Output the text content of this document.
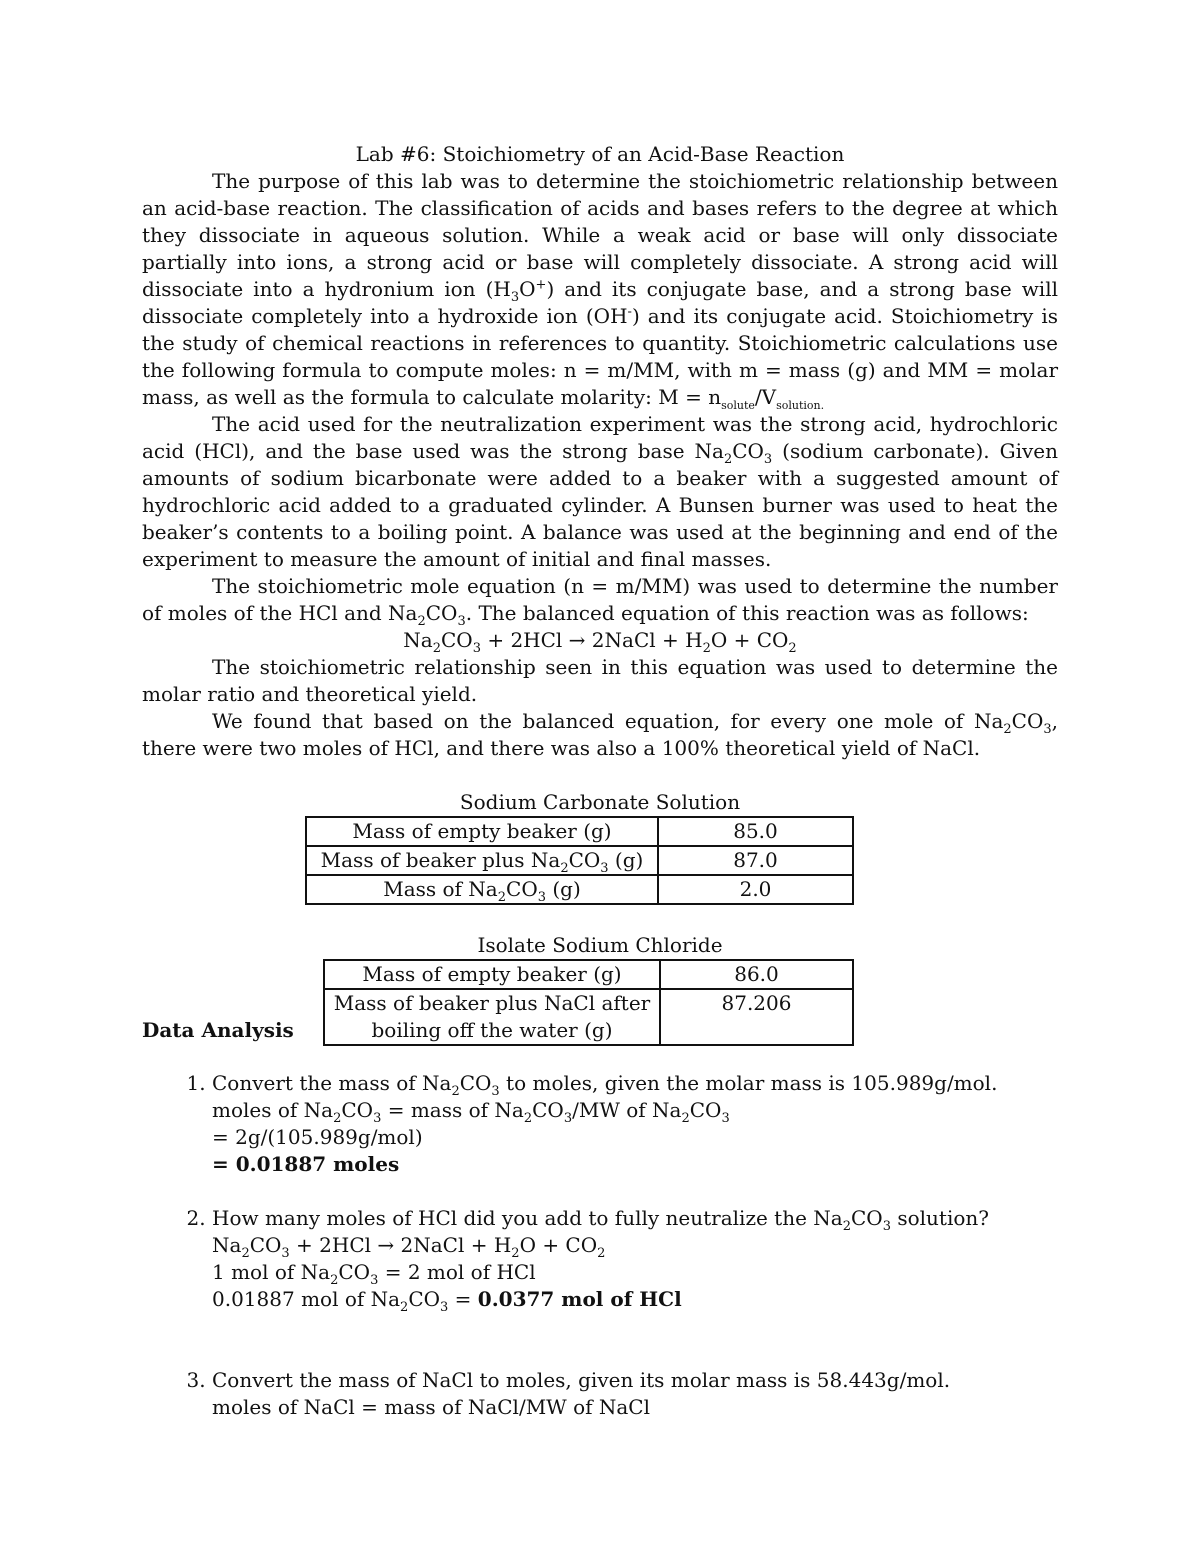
Lab #6: Stoichiometry of an Acid-Base Reaction

The purpose of this lab was to determine the stoichiometric relationship between an acid-base reaction. The classification of acids and bases refers to the degree at which they dissociate in aqueous solution. While a weak acid or base will only dissociate partially into ions, a strong acid or base will completely dissociate. A strong acid will dissociate into a hydronium ion $(H_3O^+)$ and its conjugate base, and a strong base will dissociate completely into a hydroxide ion (OH-) and its conjugate acid. Stoichiometry is the study of chemical reactions in references to quantity. Stoichiometric calculations use the following formula to compute moles: n = m/MM, with m = mass (g) and MM = molar mass, as well as the formula to calculate molarity: $M = n_{solute}/V_{solution.}$

The acid used for the neutralization experiment was the strong acid, hydrochloric acid (HCl), and the base used was the strong base $Na_2CO_3$ (sodium carbonate). Given amounts of sodium bicarbonate were added to a beaker with a suggested amount of hydrochloric acid added to a graduated cylinder. A Bunsen burner was used to heat the beaker’s contents to a boiling point. A balance was used at the beginning and end of the experiment to measure the amount of initial and final masses.

The stoichiometric mole equation (n = m/MM) was used to determine the number of moles of the HCl and $Na_2CO_3$. The balanced equation of this reaction was as follows:

$Na_2CO_3 + 2HCl$ → 2NaCl + $H_2O + CO_2$

The stoichiometric relationship seen in this equation was used to determine the molar ratio and theoretical yield.

We found that based on the balanced equation, for every one mole of $Na_2CO_3$, there were two moles of HCl, and there was also a 100% theoretical yield of NaCl.

Sodium Carbonate Solution
Mass of empty beaker (g)	85.0
Mass of beaker plus $Na_2CO_3$ (g)	87.0
Mass of $Na_2CO_3$ (g)	2.0
Isolate Sodium Chloride
Data Analysis
Mass of empty beaker (g)	86.0
Mass of beaker plus NaCl after
boiling off the water (g)	87.206
1. Convert the mass of $Na_2CO_3$ to moles, given the molar mass is 105.989g/mol.
moles of $Na_2CO_3$ = mass of $Na_2CO_3/MW$ of $Na_2CO_3$
= 2g/(105.989g/mol)
= 0.01887 moles
2. How many moles of HCl did you add to fully neutralize the $Na_2CO_3$ solution?
$Na_2CO_3 + 2HCl$ → 2NaCl + $H_2O + CO_2$
1 mol of $Na_2CO_3 = 2$ mol of HCl
0.01887 mol of $Na_2CO_3 = 0.0377$ mol of HCl
3. Convert the mass of NaCl to moles, given its molar mass is 58.443g/mol.
moles of NaCl = mass of NaCl/MW of NaCl
